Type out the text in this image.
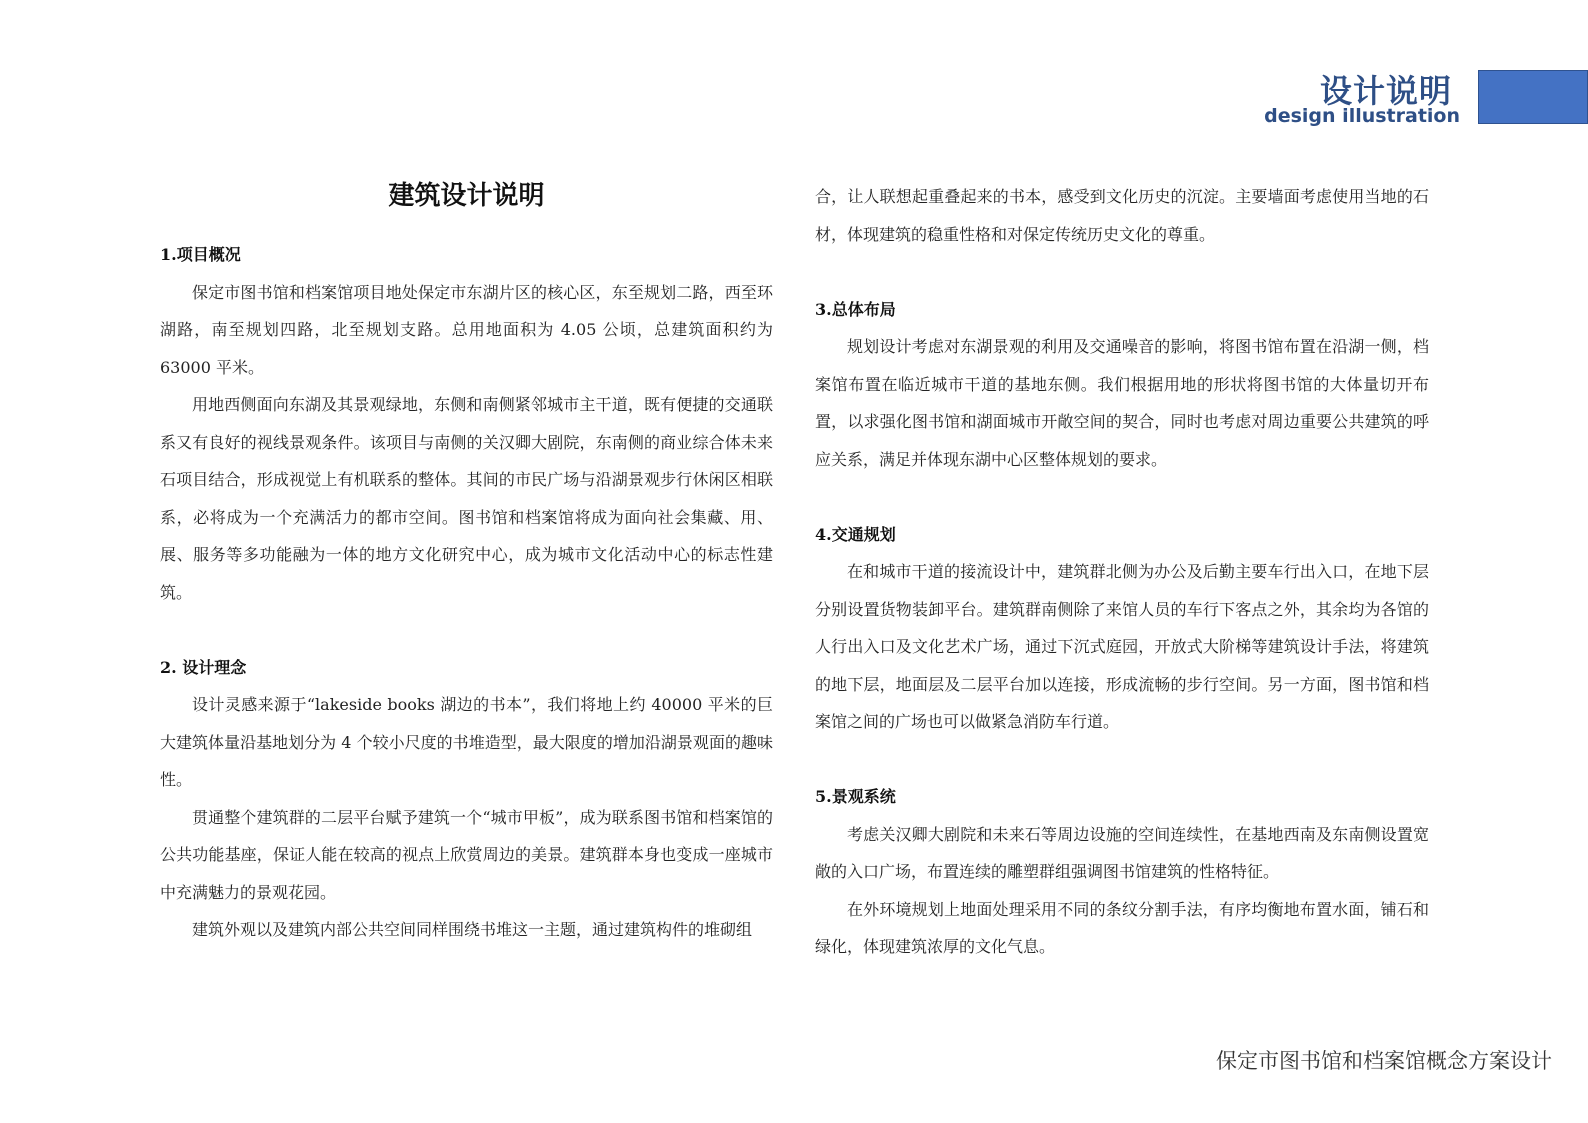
设计说明
design illustration
建筑设计说明
1.项目概况

保定市图书馆和档案馆项目地处保定市东湖片区的核心区，东至规划二路，西至环湖路，南至规划四路，北至规划支路。总用地面积为 4.05 公顷，总建筑面积约为 63000 平米。

用地西侧面向东湖及其景观绿地，东侧和南侧紧邻城市主干道，既有便捷的交通联系又有良好的视线景观条件。该项目与南侧的关汉卿大剧院，东南侧的商业综合体未来石项目结合，形成视觉上有机联系的整体。其间的市民广场与沿湖景观步行休闲区相联系，必将成为一个充满活力的都市空间。图书馆和档案馆将成为面向社会集藏、用、展、服务等多功能融为一体的地方文化研究中心，成为城市文化活动中心的标志性建筑。

2. 设计理念

设计灵感来源于“lakeside books 湖边的书本”，我们将地上约 40000 平米的巨大建筑体量沿基地划分为 4 个较小尺度的书堆造型，最大限度的增加沿湖景观面的趣味性。

贯通整个建筑群的二层平台赋予建筑一个“城市甲板”，成为联系图书馆和档案馆的公共功能基座，保证人能在较高的视点上欣赏周边的美景。建筑群本身也变成一座城市中充满魅力的景观花园。

建筑外观以及建筑内部公共空间同样围绕书堆这一主题，通过建筑构件的堆砌组

合，让人联想起重叠起来的书本，感受到文化历史的沉淀。主要墙面考虑使用当地的石材，体现建筑的稳重性格和对保定传统历史文化的尊重。

3.总体布局

规划设计考虑对东湖景观的利用及交通噪音的影响，将图书馆布置在沿湖一侧，档案馆布置在临近城市干道的基地东侧。我们根据用地的形状将图书馆的大体量切开布置，以求强化图书馆和湖面城市开敞空间的契合，同时也考虑对周边重要公共建筑的呼应关系，满足并体现东湖中心区整体规划的要求。

4.交通规划

在和城市干道的接流设计中，建筑群北侧为办公及后勤主要车行出入口，在地下层分别设置货物装卸平台。建筑群南侧除了来馆人员的车行下客点之外，其余均为各馆的人行出入口及文化艺术广场，通过下沉式庭园，开放式大阶梯等建筑设计手法，将建筑的地下层，地面层及二层平台加以连接，形成流畅的步行空间。另一方面，图书馆和档案馆之间的广场也可以做紧急消防车行道。

5.景观系统

考虑关汉卿大剧院和未来石等周边设施的空间连续性，在基地西南及东南侧设置宽敞的入口广场，布置连续的雕塑群组强调图书馆建筑的性格特征。

在外环境规划上地面处理采用不同的条纹分割手法，有序均衡地布置水面，铺石和绿化，体现建筑浓厚的文化气息。

保定市图书馆和档案馆概念方案设计
